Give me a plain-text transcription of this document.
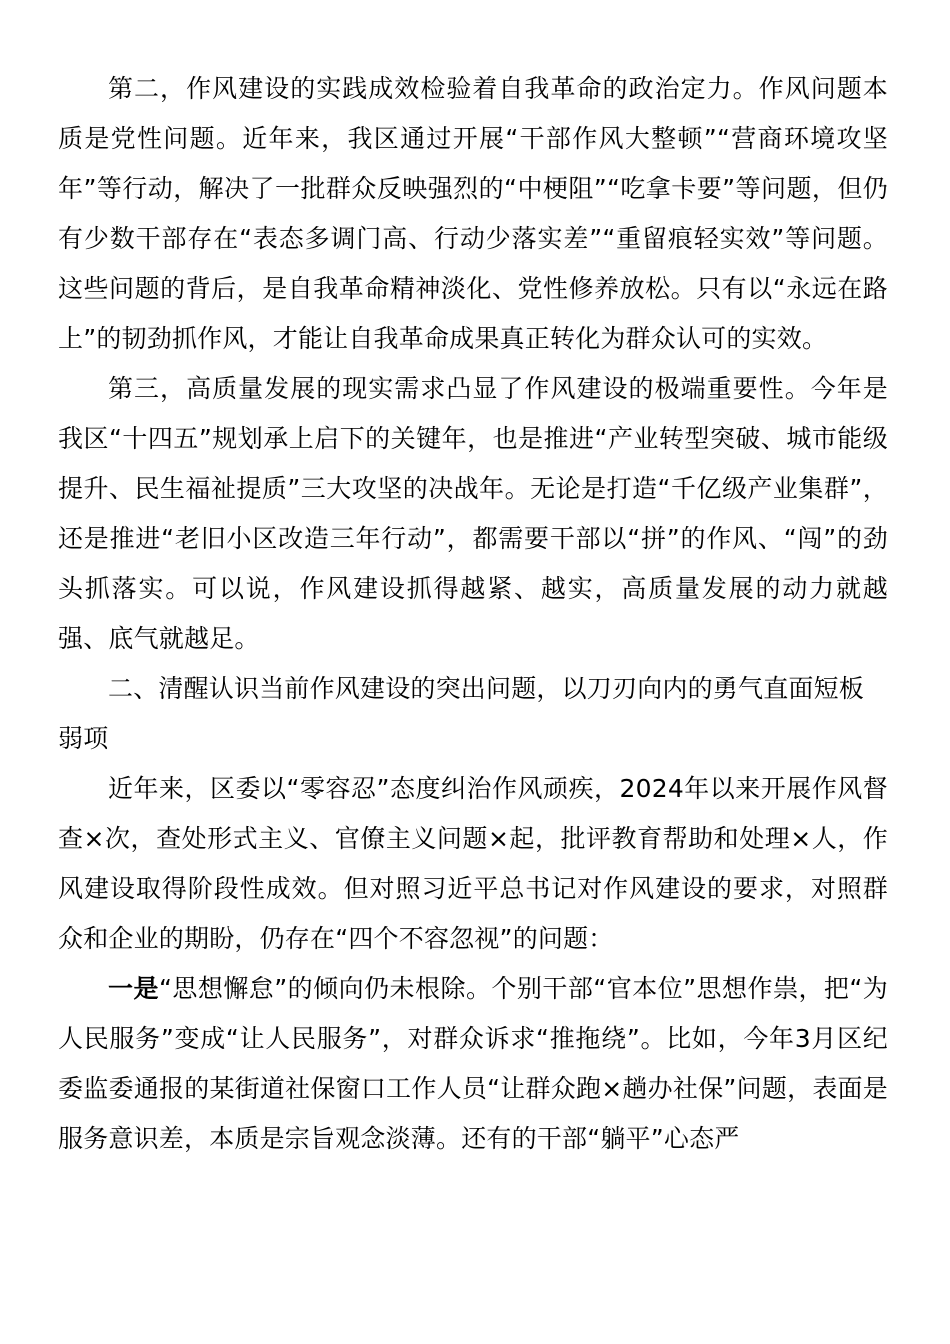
第二，作风建设的实践成效检验着自我革命的政治定力。作风问题本质是党性问题。近年来，我区通过开展“干部作风大整顿”“营商环境攻坚年”等行动，解决了一批群众反映强烈的“中梗阻”“吃拿卡要”等问题，但仍有少数干部存在“表态多调门高、行动少落实差”“重留痕轻实效”等问题。这些问题的背后，是自我革命精神淡化、党性修养放松。只有以“永远在路上”的韧劲抓作风，才能让自我革命成果真正转化为群众认可的实效。

第三，高质量发展的现实需求凸显了作风建设的极端重要性。今年是我区“十四五”规划承上启下的关键年，也是推进“产业转型突破、城市能级提升、民生福祉提质”三大攻坚的决战年。无论是打造“千亿级产业集群”，还是推进“老旧小区改造三年行动”，都需要干部以“拼”的作风、“闯”的劲头抓落实。可以说，作风建设抓得越紧、越实，高质量发展的动力就越强、底气就越足。

二、清醒认识当前作风建设的突出问题，以刀刃向内的勇气直面短板弱项

近年来，区委以“零容忍”态度纠治作风顽疾，2024年以来开展作风督查×次，查处形式主义、官僚主义问题×起，批评教育帮助和处理×人，作风建设取得阶段性成效。但对照习近平总书记对作风建设的要求，对照群众和企业的期盼，仍存在“四个不容忽视”的问题：

一是“思想懈怠”的倾向仍未根除。个别干部“官本位”思想作祟，把“为人民服务”变成“让人民服务”，对群众诉求“推拖绕”。比如，今年3月区纪委监委通报的某街道社保窗口工作人员“让群众跑×趟办社保”问题，表面是服务意识差，本质是宗旨观念淡薄。还有的干部“躺平”心态严
